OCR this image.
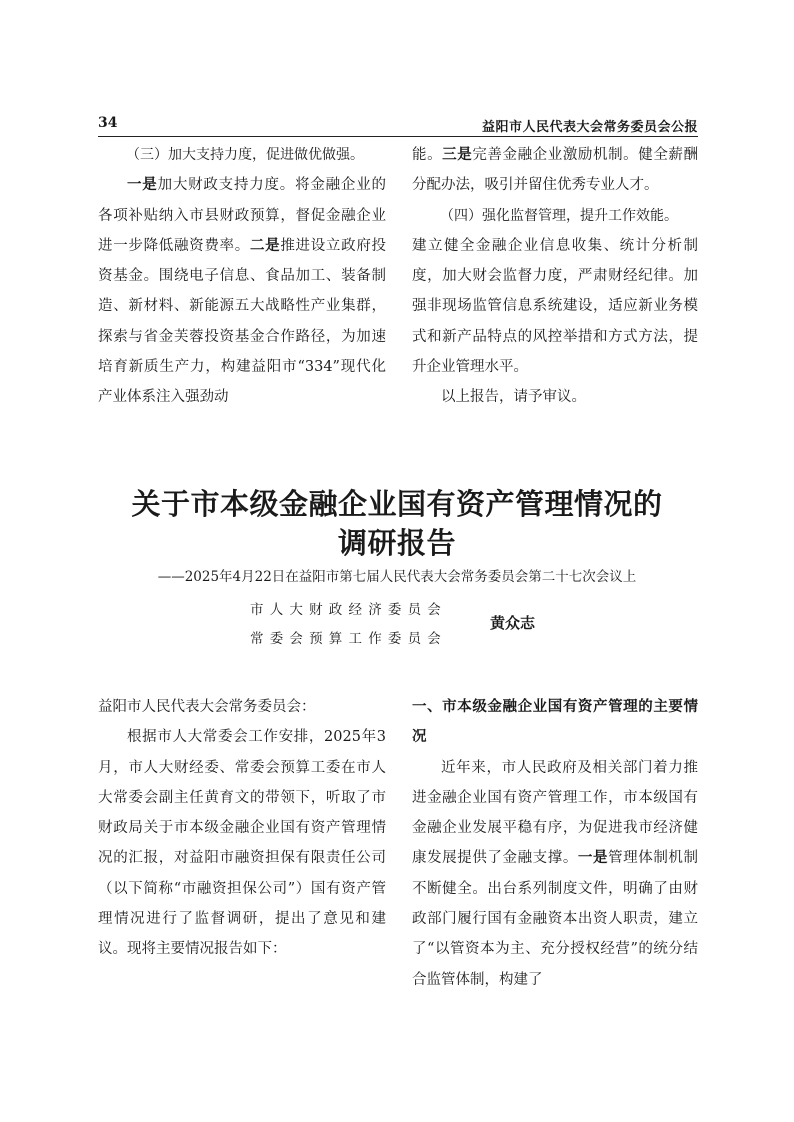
34	益阳市人民代表大会常务委员会公报

（三）加大支持力度，促进做优做强。

一是加大财政支持力度。将金融企业的各项补贴纳入市县财政预算，督促金融企业进一步降低融资费率。二是推进设立政府投资基金。围绕电子信息、食品加工、装备制造、新材料、新能源五大战略性产业集群，探索与省金芙蓉投资基金合作路径，为加速培育新质生产力，构建益阳市“334”现代化产业体系注入强劲动

能。三是完善金融企业激励机制。健全薪酬分配办法，吸引并留住优秀专业人才。

（四）强化监督管理，提升工作效能。

建立健全金融企业信息收集、统计分析制度，加大财会监督力度，严肃财经纪律。加强非现场监管信息系统建设，适应新业务模式和新产品特点的风控举措和方式方法，提升企业管理水平。

以上报告，请予审议。

关于市本级金融企业国有资产管理情况的
调研报告
——2025年4月22日在益阳市第七届人民代表大会常务委员会第二十七次会议上
市人大财政经济委员会
常委会预算工作委员会
黄众志

益阳市人民代表大会常务委员会：

根据市人大常委会工作安排，2025年3月，市人大财经委、常委会预算工委在市人大常委会副主任黄育文的带领下，听取了市财政局关于市本级金融企业国有资产管理情况的汇报，对益阳市融资担保有限责任公司（以下简称“市融资担保公司”）国有资产管理情况进行了监督调研，提出了意见和建议。现将主要情况报告如下：

一、市本级金融企业国有资产管理的主要情况

近年来，市人民政府及相关部门着力推进金融企业国有资产管理工作，市本级国有金融企业发展平稳有序，为促进我市经济健康发展提供了金融支撑。一是管理体制机制不断健全。出台系列制度文件，明确了由财政部门履行国有金融资本出资人职责，建立了“以管资本为主、充分授权经营”的统分结合监管体制，构建了
